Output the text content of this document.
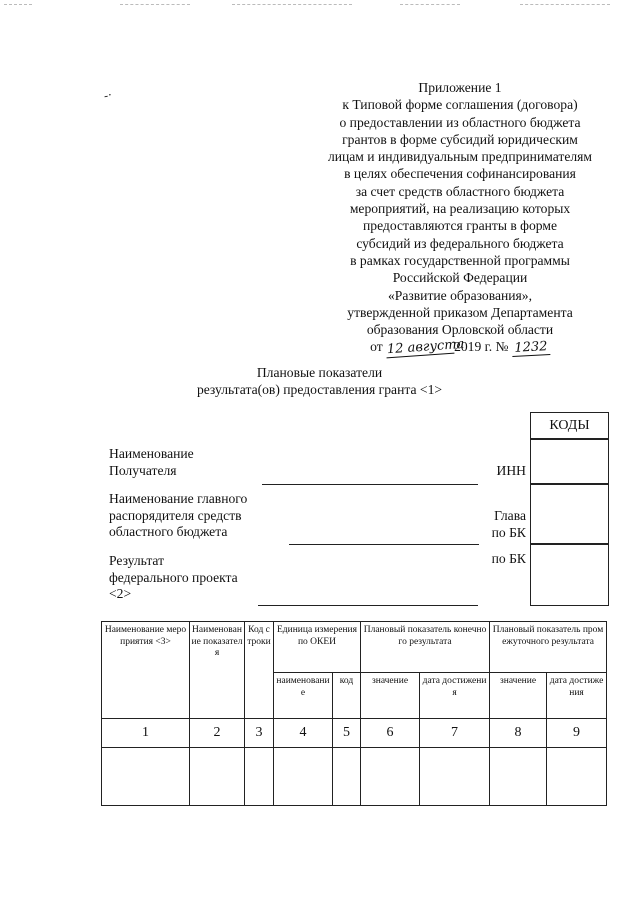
-·	Приложение 1
к Типовой форме соглашения (договора)
о предоставлении из областного бюджета
грантов в форме субсидий юридическим
лицам и индивидуальным предпринимателям
в целях обеспечения софинансирования
за счет средств областного бюджета
мероприятий, на реализацию которых
предоставляются гранты в форме
субсидий из федерального бюджета
в рамках государственной программы
Российской Федерации
«Развитие образования»,
утвержденной приказом Департамента
образования Орловской области
от 12 августа2019 г. № 1232
Плановые показатели
результата(ов) предоставления гранта <1>
КОДЫ
Наименование
Получателя	ИНН
Наименование главного
распорядителя средств
областного бюджета
Глава
по БК
Результат
федерального проекта
<2>
по БК
Наименование мероприятия <3>	Наименование показателя	Код строки	Единица измерения по ОКЕИ		Плановый показатель конечного результата		Плановый показатель промежуточного результата	
			наименование	код	значение	дата достижения	значение	дата достижения
1	2	3	4	5	6	7	8	9
